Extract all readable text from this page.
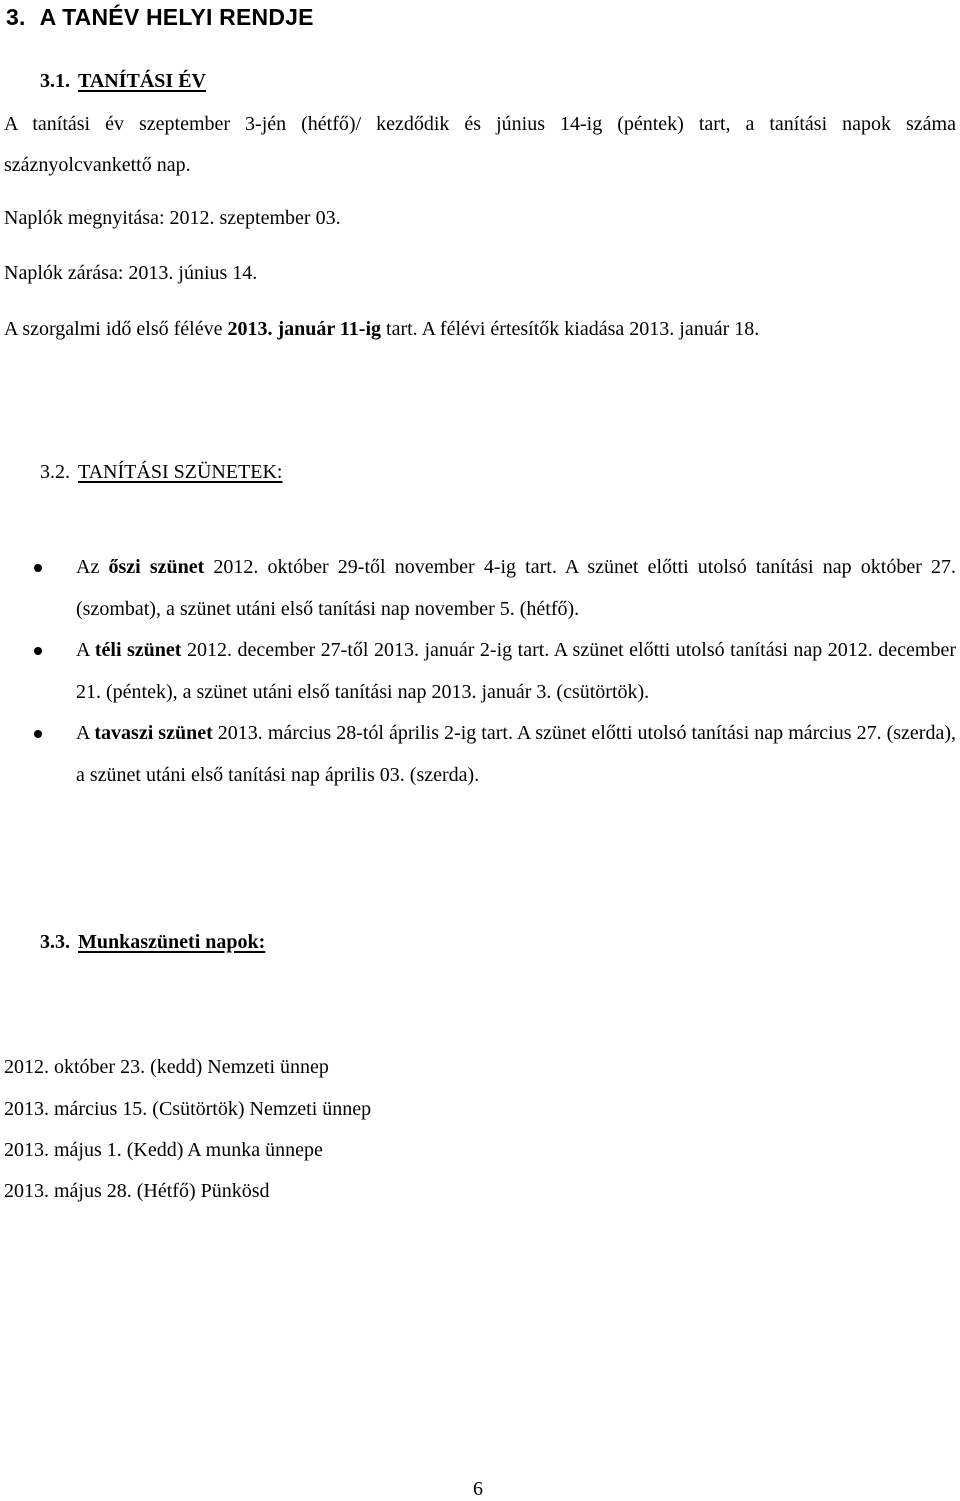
3. A TANÉV HELYI RENDJE
3.1. TANÍTÁSI ÉV

A tanítási év szeptember 3-jén (hétfő)/ kezdődik és június 14-ig (péntek) tart, a tanítási napok száma száznyolcvankettő nap.

Naplók megnyitása: 2012. szeptember 03.
Naplók zárása: 2013. június 14.
A szorgalmi idő első féléve 2013. január 11-ig tart. A félévi értesítők kiadása 2013. január 18.
3.2. TANÍTÁSI SZÜNETEK:
Az őszi szünet 2012. október 29-től november 4-ig tart. A szünet előtti utolsó tanítási nap október 27. (szombat), a szünet utáni első tanítási nap november 5. (hétfő).
A téli szünet 2012. december 27-től 2013. január 2-ig tart. A szünet előtti utolsó tanítási nap 2012. december 21. (péntek), a szünet utáni első tanítási nap 2013. január 3. (csütörtök).
A tavaszi szünet 2013. március 28-tól április 2-ig tart. A szünet előtti utolsó tanítási nap március 27. (szerda), a szünet utáni első tanítási nap április 03. (szerda).
3.3. Munkaszüneti napok:
2012. október 23. (kedd) Nemzeti ünnep
2013. március 15. (Csütörtök) Nemzeti ünnep
2013. május 1. (Kedd) A munka ünnepe
2013. május 28. (Hétfő) Pünkösd
6
